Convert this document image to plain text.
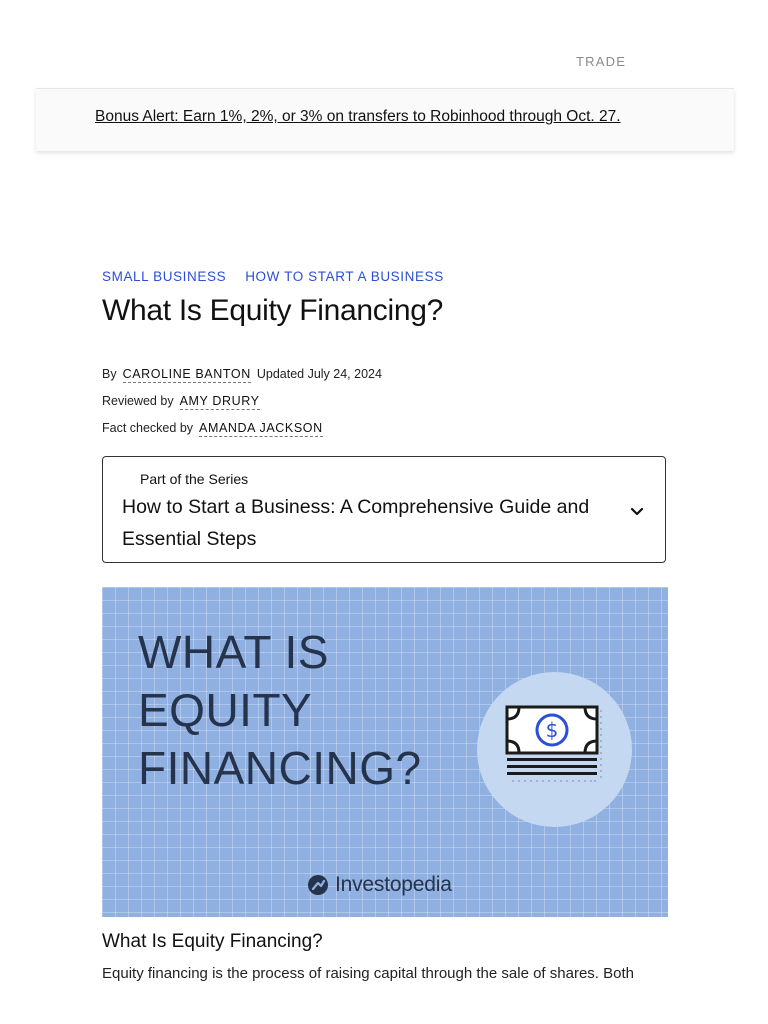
TRADE
Bonus Alert: Earn 1%, 2%, or 3% on transfers to Robinhood through Oct. 27.
SMALL BUSINESS HOW TO START A BUSINESS
What Is Equity Financing?
By CAROLINE BANTON Updated July 24, 2024
Reviewed by AMY DRURY
Fact checked by AMANDA JACKSON
Part of the Series
How to Start a Business: A Comprehensive Guide and Essential Steps
WHAT IS
EQUITY
FINANCING?
$
Investopedia
What Is Equity Financing?

Equity financing is the process of raising capital through the sale of shares. Both
